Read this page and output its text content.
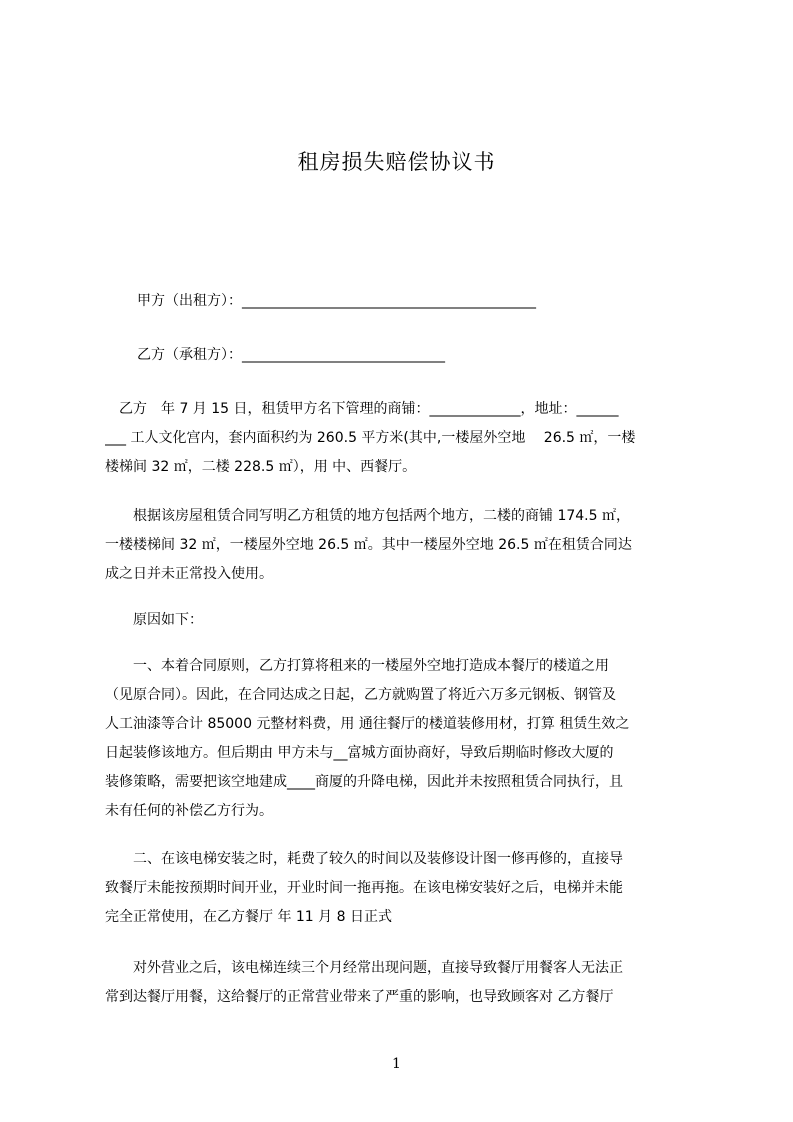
租房损失赔偿协议书
甲方（出租方）：__________________________________________
乙方（承租方）：_____________________________
　乙方　年 7 月 15 日，租赁甲方名下管理的商铺：_____________，地址：______
___ 工人文化宫内，套内面积约为 260.5 平方米(其中,一楼屋外空地　 26.5 ㎡，一楼
楼梯间 32 ㎡，二楼 228.5 ㎡），用 中、西餐厅。
　　根据该房屋租赁合同写明乙方租赁的地方包括两个地方，二楼的商铺 174.5 ㎡，
一楼楼梯间 32 ㎡，一楼屋外空地 26.5 ㎡。其中一楼屋外空地 26.5 ㎡在租赁合同达
成之日并未正常投入使用。
　　原因如下：
　　一、本着合同原则，乙方打算将租来的一楼屋外空地打造成本餐厅的楼道之用
（见原合同）。因此，在合同达成之日起，乙方就购置了将近六万多元钢板、钢管及
人工油漆等合计 85000 元整材料费，用 通往餐厅的楼道装修用材，打算 租赁生效之
日起装修该地方。但后期由 甲方未与__富城方面协商好，导致后期临时修改大厦的
装修策略，需要把该空地建成____商厦的升降电梯，因此并未按照租赁合同执行，且
未有任何的补偿乙方行为。
　　二、在该电梯安装之时，耗费了较久的时间以及装修设计图一修再修的，直接导
致餐厅未能按预期时间开业，开业时间一拖再拖。在该电梯安装好之后，电梯并未能
完全正常使用，在乙方餐厅 年 11 月 8 日正式
　　对外营业之后，该电梯连续三个月经常出现问题，直接导致餐厅用餐客人无法正
常到达餐厅用餐，这给餐厅的正常营业带来了严重的影响，也导致顾客对 乙方餐厅
1
